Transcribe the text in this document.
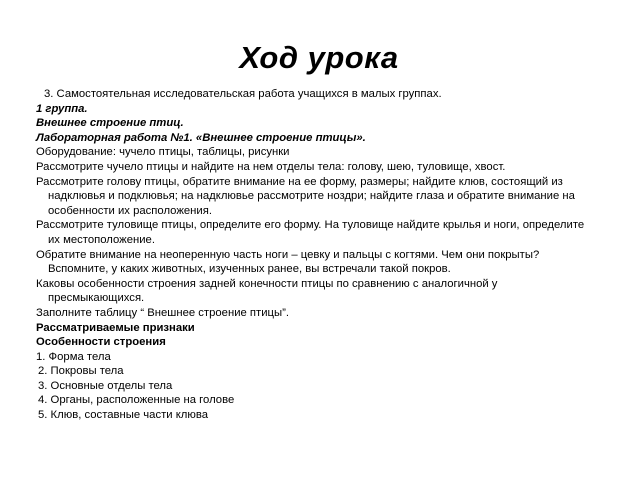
Ход урока
3. Самостоятельная исследовательская работа учащихся в малых группах.
1 группа.
Внешнее строение птиц.
Лабораторная работа №1. «Внешнее строение птицы».
Оборудование: чучело птицы, таблицы, рисунки
Рассмотрите чучело птицы и найдите на нем отделы тела: голову, шею, туловище, хвост.
Рассмотрите голову птицы, обратите внимание на ее форму, размеры; найдите клюв, состоящий из
надклювья и подклювья; на надклювье рассмотрите ноздри; найдите глаза и обратите внимание на
особенности их расположения.
Рассмотрите туловище птицы, определите его форму. На туловище найдите крылья и ноги, определите
их местоположение.
Обратите внимание на неоперенную часть ноги – цевку и пальцы с когтями. Чем они покрыты?
Вспомните, у каких животных, изученных ранее, вы встречали такой покров.
Каковы особенности строения задней конечности птицы по сравнению с аналогичной у
пресмыкающихся.
Заполните таблицу “ Внешнее строение птицы”.
Рассматриваемые признаки
Особенности строения
1. Форма тела
2. Покровы тела
3. Основные отделы тела
4. Органы, расположенные на голове
5. Клюв, составные части клюва
